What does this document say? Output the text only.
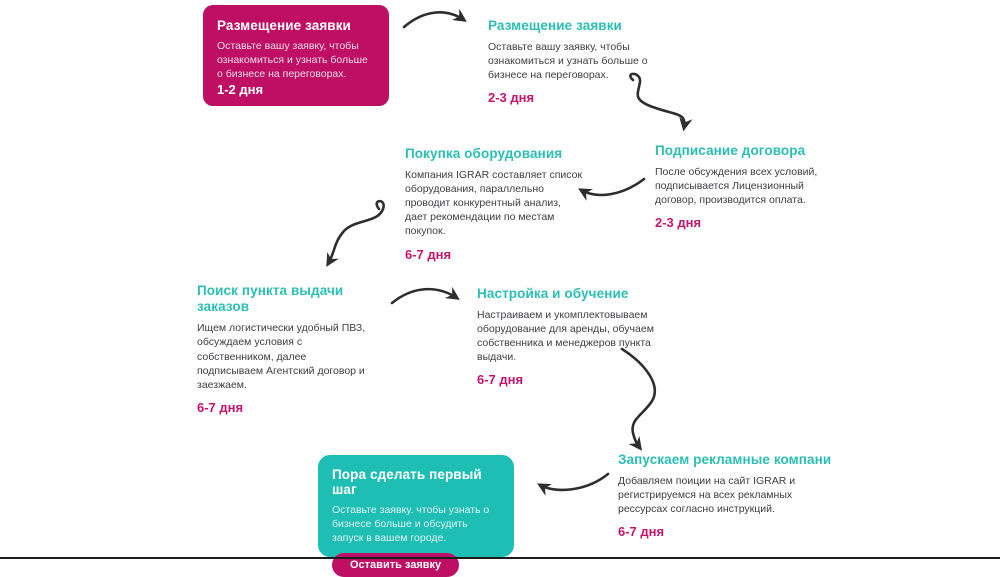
Размещение заявки
Оставьте вашу заявку, чтобы ознакомиться и узнать больше о бизнесе на переговорах.
1-2 дня
Размещение заявки
Оставьте вашу заявку, чтобы ознакомиться и узнать больше о бизнесе на переговорах.
2-3 дня
Подписание договора
После обсуждения всех условий, подписывается Лицензионный договор, производится оплата.
2-3 дня
Покупка оборудования
Компания IGRAR составляет список оборудования, параллельно проводит конкурентный анализ, дает рекомендации по местам покупок.
6-7 дня
Поиск пункта выдачи заказов
Ищем логистически удобный ПВЗ, обсуждаем условия с собственником, далее подписываем Агентский договор и заезжаем.
6-7 дня
Настройка и обучение
Настраиваем и укомплектовываем оборудование для аренды, обучаем собственника и менеджеров пункта выдачи.
6-7 дня
Запускаем рекламные компани
Добавляем поиции на сайт IGRAR и регистрируемся на всех рекламных рессурсах согласно инструкций.
6-7 дня
Пора сделать первый шаг
Оставьте заявку. чтобы узнать о бизнесе больше и обсудить запуск в вашем городе.
Оставить заявку
